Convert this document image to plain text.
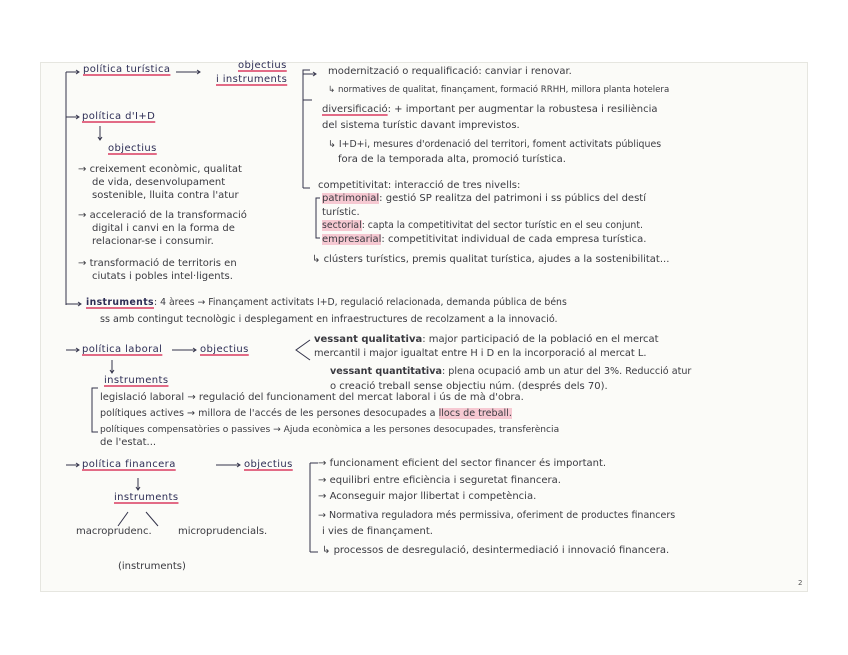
política turística	objectius
i instruments
modernització o requalificació: canviar i renovar.
↳ normatives de qualitat, finançament, formació RRHH, millora planta hotelera
diversificació: + important per augmentar la robustesa i resiliència
del sistema turístic davant imprevistos.
↳ I+D+i, mesures d'ordenació del territori, foment activitats públiques
fora de la temporada alta, promoció turística.
competitivitat: interacció de tres nivells:
patrimonial: gestió SP realitza del patrimoni i ss públics del destí
turístic.
sectorial: capta la competitivitat del sector turístic en el seu conjunt.
empresarial: competitivitat individual de cada empresa turística.
↳ clústers turístics, premis qualitat turística, ajudes a la sostenibilitat...
política d'I+D
objectius
→ creixement econòmic, qualitat
de vida, desenvolupament
sostenible, lluita contra l'atur
→ acceleració de la transformació
digital i canvi en la forma de
relacionar-se i consumir.
→ transformació de territoris en
ciutats i pobles intel·ligents.
instruments: 4 àrees → Finançament activitats I+D, regulació relacionada, demanda pública de béns
ss amb contingut tecnològic i desplegament en infraestructures de recolzament a la innovació.
política laboral	objectius
vessant qualitativa: major participació de la població en el mercat
mercantil i major igualtat entre H i D en la incorporació al mercat L.
vessant quantitativa: plena ocupació amb un atur del 3%. Reducció atur
o creació treball sense objectiu núm. (després dels 70).
instruments
legislació laboral → regulació del funcionament del mercat laboral i ús de mà d'obra.
polítiques actives → millora de l'accés de les persones desocupades a llocs de treball.
polítiques compensatòries o passives → Ajuda econòmica a les persones desocupades, transferència
de l'estat...
política financera	objectius	→ funcionament eficient del sector financer és important.
→ equilibri entre eficiència i seguretat financera.
→ Aconseguir major llibertat i competència.
→ Normativa reguladora més permissiva, oferiment de productes financers
i vies de finançament.
↳ processos de desregulació, desintermediació i innovació financera.
instruments
macroprudenc.	microprudencials.
(instruments)
2
